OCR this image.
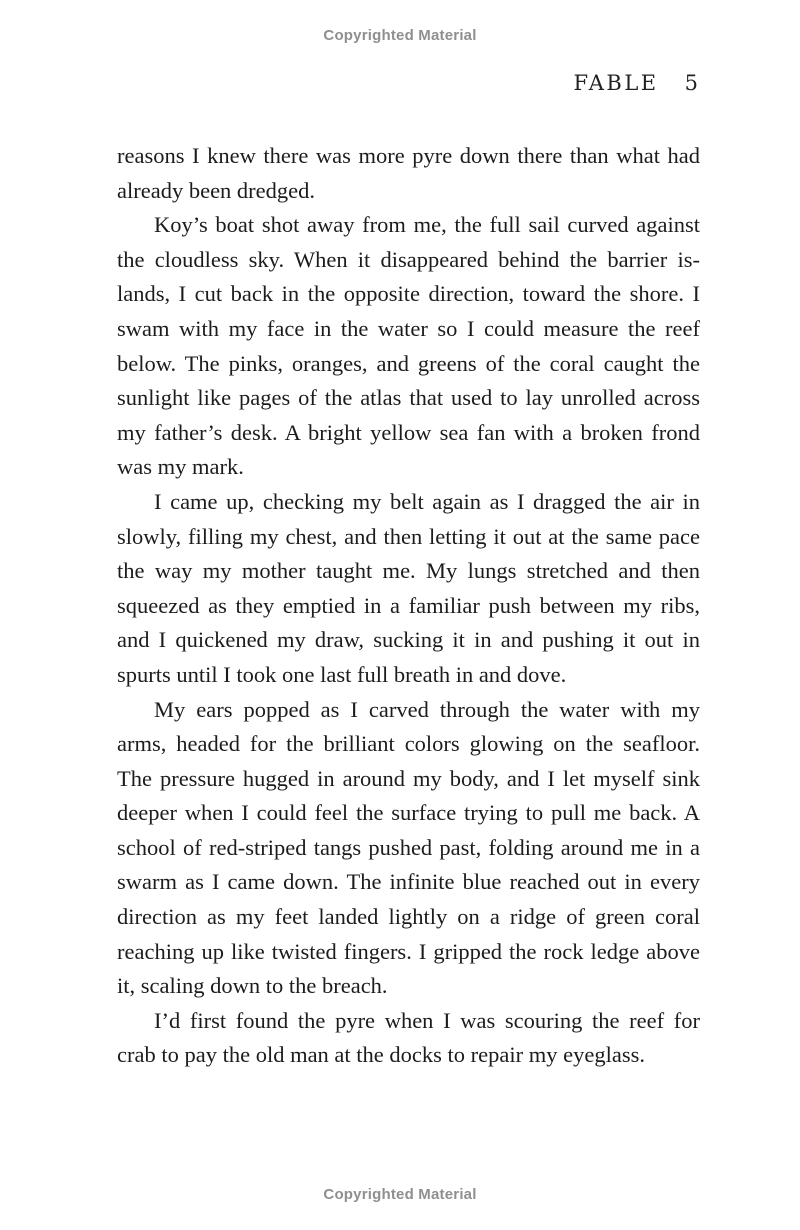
Copyrighted Material
FABLE 5

reasons I knew there was more pyre down there than what had already been dredged.

Koy’s boat shot away from me, the full sail curved against the cloudless sky. When it disappeared behind the barrier islands, I cut back in the opposite direction, toward the shore. I swam with my face in the water so I could measure the reef below. The pinks, oranges, and greens of the coral caught the sunlight like pages of the atlas that used to lay unrolled across my father’s desk. A bright yellow sea fan with a broken frond was my mark.

I came up, checking my belt again as I dragged the air in slowly, filling my chest, and then letting it out at the same pace the way my mother taught me. My lungs stretched and then squeezed as they emptied in a familiar push between my ribs, and I quickened my draw, sucking it in and pushing it out in spurts until I took one last full breath in and dove.

My ears popped as I carved through the water with my arms, headed for the brilliant colors glowing on the seafloor. The pressure hugged in around my body, and I let myself sink deeper when I could feel the surface trying to pull me back. A school of red-striped tangs pushed past, folding around me in a swarm as I came down. The infinite blue reached out in every direction as my feet landed lightly on a ridge of green coral reaching up like twisted fingers. I gripped the rock ledge above it, scaling down to the breach.

I’d first found the pyre when I was scouring the reef for crab to pay the old man at the docks to repair my eyeglass.

Copyrighted Material
